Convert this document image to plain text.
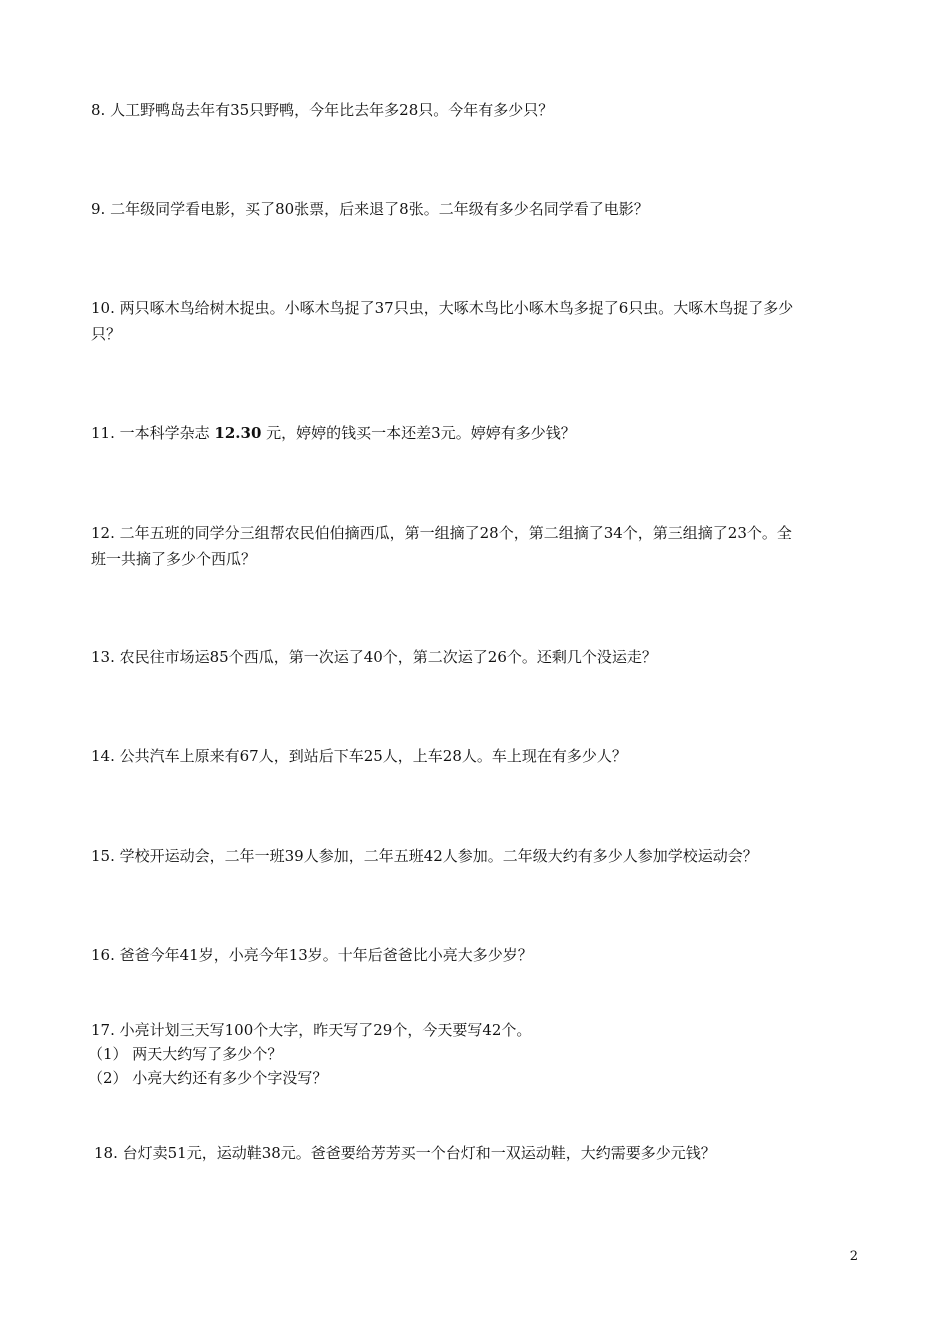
8. 人工野鸭岛去年有35只野鸭，今年比去年多28只。今年有多少只？
9. 二年级同学看电影，买了80张票，后来退了8张。二年级有多少名同学看了电影？
10. 两只啄木鸟给树木捉虫。小啄木鸟捉了37只虫，大啄木鸟比小啄木鸟多捉了6只虫。大啄木鸟捉了多少
只？
11. 一本科学杂志 12.30 元，婷婷的钱买一本还差3元。婷婷有多少钱？
12. 二年五班的同学分三组帮农民伯伯摘西瓜，第一组摘了28个，第二组摘了34个，第三组摘了23个。全
班一共摘了多少个西瓜？
13. 农民往市场运85个西瓜，第一次运了40个，第二次运了26个。还剩几个没运走？
14. 公共汽车上原来有67人，到站后下车25人，上车28人。车上现在有多少人？
15. 学校开运动会，二年一班39人参加，二年五班42人参加。二年级大约有多少人参加学校运动会？
16. 爸爸今年41岁，小亮今年13岁。十年后爸爸比小亮大多少岁？
17. 小亮计划三天写100个大字，昨天写了29个，今天要写42个。
（1） 两天大约写了多少个？
（2） 小亮大约还有多少个字没写？
18. 台灯卖51元，运动鞋38元。爸爸要给芳芳买一个台灯和一双运动鞋，大约需要多少元钱？
2
